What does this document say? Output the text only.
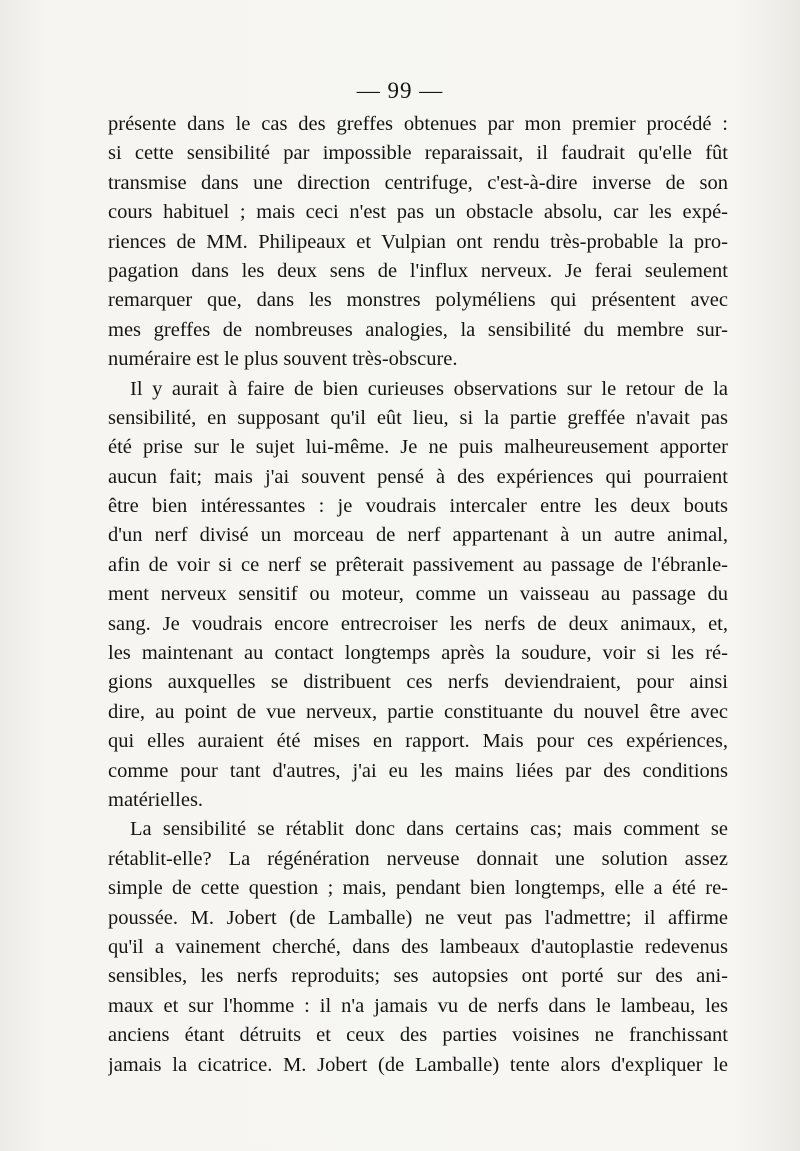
— 99 —
présente dans le cas des greffes obtenues par mon premier procédé :
si cette sensibilité par impossible reparaissait, il faudrait qu'elle fût
transmise dans une direction centrifuge, c'est-à-dire inverse de son
cours habituel ; mais ceci n'est pas un obstacle absolu, car les expé-
riences de MM. Philipeaux et Vulpian ont rendu très-probable la pro-
pagation dans les deux sens de l'influx nerveux. Je ferai seulement
remarquer que, dans les monstres polyméliens qui présentent avec
mes greffes de nombreuses analogies, la sensibilité du membre sur-
numéraire est le plus souvent très-obscure.
Il y aurait à faire de bien curieuses observations sur le retour de la
sensibilité, en supposant qu'il eût lieu, si la partie greffée n'avait pas
été prise sur le sujet lui-même. Je ne puis malheureusement apporter
aucun fait; mais j'ai souvent pensé à des expériences qui pourraient
être bien intéressantes : je voudrais intercaler entre les deux bouts
d'un nerf divisé un morceau de nerf appartenant à un autre animal,
afin de voir si ce nerf se prêterait passivement au passage de l'ébranle-
ment nerveux sensitif ou moteur, comme un vaisseau au passage du
sang. Je voudrais encore entrecroiser les nerfs de deux animaux, et,
les maintenant au contact longtemps après la soudure, voir si les ré-
gions auxquelles se distribuent ces nerfs deviendraient, pour ainsi
dire, au point de vue nerveux, partie constituante du nouvel être avec
qui elles auraient été mises en rapport. Mais pour ces expériences,
comme pour tant d'autres, j'ai eu les mains liées par des conditions
matérielles.
La sensibilité se rétablit donc dans certains cas; mais comment se
rétablit-elle? La régénération nerveuse donnait une solution assez
simple de cette question ; mais, pendant bien longtemps, elle a été re-
poussée. M. Jobert (de Lamballe) ne veut pas l'admettre; il affirme
qu'il a vainement cherché, dans des lambeaux d'autoplastie redevenus
sensibles, les nerfs reproduits; ses autopsies ont porté sur des ani-
maux et sur l'homme : il n'a jamais vu de nerfs dans le lambeau, les
anciens étant détruits et ceux des parties voisines ne franchissant
jamais la cicatrice. M. Jobert (de Lamballe) tente alors d'expliquer le
